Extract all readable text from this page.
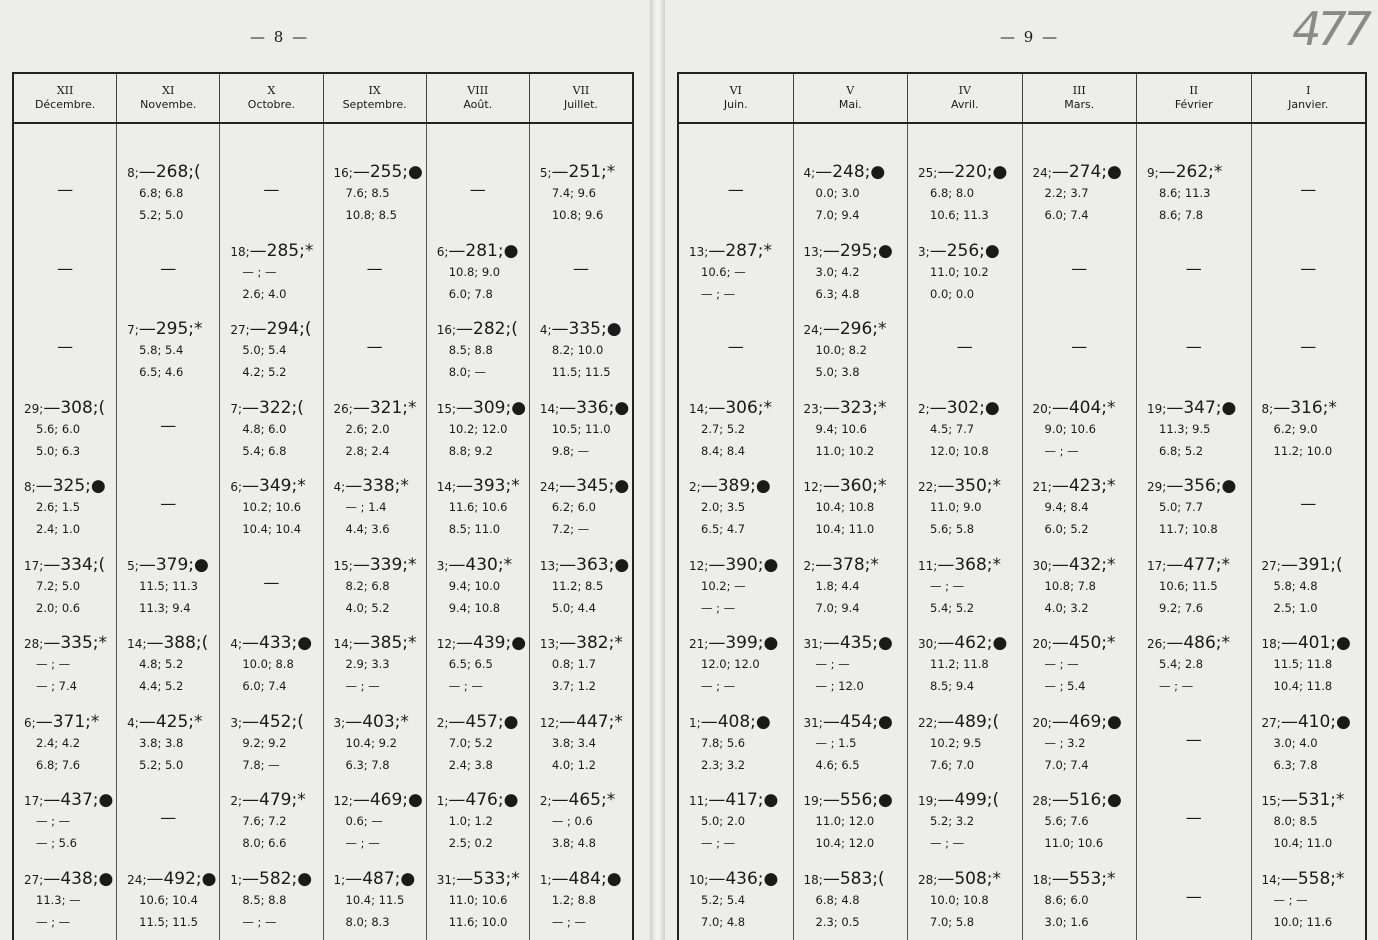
— 8 —
XII
Décembre.
XI
Novembe.
X
Octobre.
IX
Septembre.
VIII
Août.
VII
Juillet.
—
—
—
29;—308;(
5.6; 6.0
5.0; 6.3
8;—325;●
2.6; 1.5
2.4; 1.0
17;—334;(
7.2; 5.0
2.0; 0.6
28;—335;*
— ; —
— ; 7.4
6;—371;*
2.4; 4.2
6.8; 7.6
17;—437;●
— ; —
— ; 5.6
27;—438;●
11.3; —
— ; —
8;—268;(
6.8; 6.8
5.2; 5.0
—
7;—295;*
5.8; 5.4
6.5; 4.6
—
—
5;—379;●
11.5; 11.3
11.3; 9.4
14;—388;(
4.8; 5.2
4.4; 5.2
4;—425;*
3.8; 3.8
5.2; 5.0
—
24;—492;●
10.6; 10.4
11.5; 11.5
—
18;—285;*
— ; —
2.6; 4.0
27;—294;(
5.0; 5.4
4.2; 5.2
7;—322;(
4.8; 6.0
5.4; 6.8
6;—349;*
10.2; 10.6
10.4; 10.4
—
4;—433;●
10.0; 8.8
6.0; 7.4
3;—452;(
9.2; 9.2
7.8; —
2;—479;*
7.6; 7.2
8.0; 6.6
1;—582;●
8.5; 8.8
— ; —
16;—255;●
7.6; 8.5
10.8; 8.5
—
—
26;—321;*
2.6; 2.0
2.8; 2.4
4;—338;*
— ; 1.4
4.4; 3.6
15;—339;*
8.2; 6.8
4.0; 5.2
14;—385;*
2.9; 3.3
— ; —
3;—403;*
10.4; 9.2
6.3; 7.8
12;—469;●
0.6; —
— ; —
1;—487;●
10.4; 11.5
8.0; 8.3
—
6;—281;●
10.8; 9.0
6.0; 7.8
16;—282;(
8.5; 8.8
8.0; —
15;—309;●
10.2; 12.0
8.8; 9.2
14;—393;*
11.6; 10.6
8.5; 11.0
3;—430;*
9.4; 10.0
9.4; 10.8
12;—439;●
6.5; 6.5
— ; —
2;—457;●
7.0; 5.2
2.4; 3.8
1;—476;●
1.0; 1.2
2.5; 0.2
31;—533;*
11.0; 10.6
11.6; 10.0
5;—251;*
7.4; 9.6
10.8; 9.6
—
4;—335;●
8.2; 10.0
11.5; 11.5
14;—336;●
10.5; 11.0
9.8; —
24;—345;●
6.2; 6.0
7.2; —
13;—363;●
11.2; 8.5
5.0; 4.4
13;—382;*
0.8; 1.7
3.7; 1.2
12;—447;*
3.8; 3.4
4.0; 1.2
2;—465;*
— ; 0.6
3.8; 4.8
1;—484;●
1.2; 8.8
— ; —
— 9 —	477
VI
Juin.
V
Mai.
IV
Avril.
III
Mars.
II
Février
I
Janvier.
—
13;—287;*
10.6; —
— ; —
—
14;—306;*
2.7; 5.2
8.4; 8.4
2;—389;●
2.0; 3.5
6.5; 4.7
12;—390;●
10.2; —
— ; —
21;—399;●
12.0; 12.0
— ; —
1;—408;●
7.8; 5.6
2.3; 3.2
11;—417;●
5.0; 2.0
— ; —
10;—436;●
5.2; 5.4
7.0; 4.8
4;—248;●
0.0; 3.0
7.0; 9.4
13;—295;●
3.0; 4.2
6.3; 4.8
24;—296;*
10.0; 8.2
5.0; 3.8
23;—323;*
9.4; 10.6
11.0; 10.2
12;—360;*
10.4; 10.8
10.4; 11.0
2;—378;*
1.8; 4.4
7.0; 9.4
31;—435;●
— ; —
— ; 12.0
31;—454;●
— ; 1.5
4.6; 6.5
19;—556;●
11.0; 12.0
10.4; 12.0
18;—583;(
6.8; 4.8
2.3; 0.5
25;—220;●
6.8; 8.0
10.6; 11.3
3;—256;●
11.0; 10.2
0.0; 0.0
—
2;—302;●
4.5; 7.7
12.0; 10.8
22;—350;*
11.0; 9.0
5.6; 5.8
11;—368;*
— ; —
5.4; 5.2
30;—462;●
11.2; 11.8
8.5; 9.4
22;—489;(
10.2; 9.5
7.6; 7.0
19;—499;(
5.2; 3.2
— ; —
28;—508;*
10.0; 10.8
7.0; 5.8
24;—274;●
2.2; 3.7
6.0; 7.4
—
—
20;—404;*
9.0; 10.6
— ; —
21;—423;*
9.4; 8.4
6.0; 5.2
30;—432;*
10.8; 7.8
4.0; 3.2
20;—450;*
— ; —
— ; 5.4
20;—469;●
— ; 3.2
7.0; 7.4
28;—516;●
5.6; 7.6
11.0; 10.6
18;—553;*
8.6; 6.0
3.0; 1.6
9;—262;*
8.6; 11.3
8.6; 7.8
—
—
19;—347;●
11.3; 9.5
6.8; 5.2
29;—356;●
5.0; 7.7
11.7; 10.8
17;—477;*
10.6; 11.5
9.2; 7.6
26;—486;*
5.4; 2.8
— ; —
—
—
—
—
—
—
8;—316;*
6.2; 9.0
11.2; 10.0
—
27;—391;(
5.8; 4.8
2.5; 1.0
18;—401;●
11.5; 11.8
10.4; 11.8
27;—410;●
3.0; 4.0
6.3; 7.8
15;—531;*
8.0; 8.5
10.4; 11.0
14;—558;*
— ; —
10.0; 11.6
